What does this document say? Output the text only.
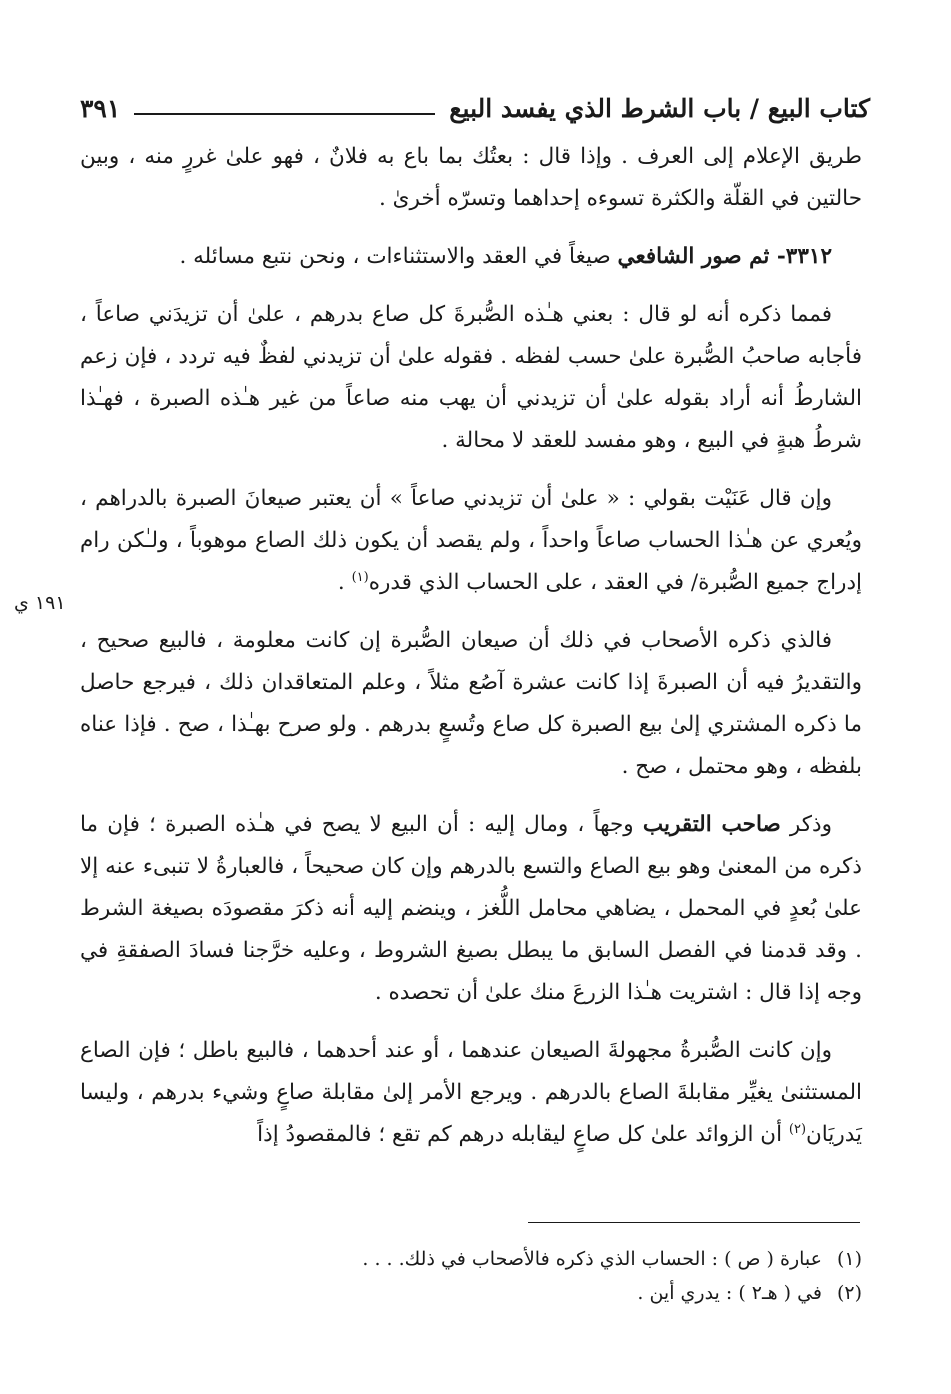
كتاب البيع / باب الشرط الذي يفسد البيع
٣٩١

طريق الإعلام إلى العرف . وإذا قال : بعتُك بما باع به فلانٌ ، فهو علىٰ غررٍ منه ، وبين حالتين في القلّة والكثرة تسوءه إحداهما وتسرّه أخرىٰ .

٣٣١٢- ثم صور الشافعي صيغاً في العقد والاستثناءات ، ونحن نتبع مسائله .

فمما ذكره أنه لو قال : بعني هـٰذه الصُّبرةَ كل صاع بدرهم ، علىٰ أن تزيدَني صاعاً ، فأجابه صاحبُ الصُّبرة علىٰ حسب لفظه . فقوله علىٰ أن تزيدني لفظٌ فيه تردد ، فإن زعم الشارطُ أنه أراد بقوله علىٰ أن تزيدني أن يهب منه صاعاً من غير هـٰذه الصبرة ، فهـٰذا شرطُ هبةٍ في البيع ، وهو مفسد للعقد لا محالة .

وإن قال عَنَيْت بقولي : « علىٰ أن تزيدني صاعاً » أن يعتبر صيعانَ الصبرة بالدراهم ، ويُعري عن هـٰذا الحساب صاعاً واحداً ، ولم يقصد أن يكون ذلك الصاع موهوباً ، ولـٰكن رام إدراج جميع الصُّبرة/ في العقد ، على الحساب الذي قدره$^{(١)}$ .

فالذي ذكره الأصحاب في ذلك أن صيعان الصُّبرة إن كانت معلومة ، فالبيع صحيح ، والتقديرُ فيه أن الصبرةَ إذا كانت عشرة آصُع مثلاً ، وعلم المتعاقدان ذلك ، فيرجع حاصل ما ذكره المشتري إلىٰ بيع الصبرة كل صاع وتُسعٍ بدرهم . ولو صرح بهـٰذا ، صح . فإذا عناه بلفظه ، وهو محتمل ، صح .

وذكر صاحب التقريب وجهاً ، ومال إليه : أن البيع لا يصح في هـٰذه الصبرة ؛ فإن ما ذكره من المعنىٰ وهو بيع الصاع والتسع بالدرهم وإن كان صحيحاً ، فالعبارةُ لا تنبىء عنه إلا علىٰ بُعدٍ في المحمل ، يضاهي محامل اللُّغز ، وينضم إليه أنه ذكرَ مقصودَه بصيغة الشرط . وقد قدمنا في الفصل السابق ما يبطل بصيغ الشروط ، وعليه خرَّجنا فسادَ الصفقةِ في وجه إذا قال : اشتريت هـٰذا الزرعَ منك علىٰ أن تحصده .

وإن كانت الصُّبرةُ مجهولةَ الصيعان عندهما ، أو عند أحدهما ، فالبيع باطل ؛ فإن الصاع المستثنىٰ يغيِّر مقابلةَ الصاع بالدرهم . ويرجع الأمر إلىٰ مقابلة صاعٍ وشيء بدرهم ، وليسا يَدريَان$^{(٢)}$ أن الزوائد علىٰ كل صاعٍ ليقابله درهم كم تقع ؛ فالمقصودُ إذاً

١٩١ ي
(١)عبارة ( ص ) : الحساب الذي ذكره فالأصحاب في ذلك. . . .
(٢)في ( هـ٢ ) : يدري أين .
